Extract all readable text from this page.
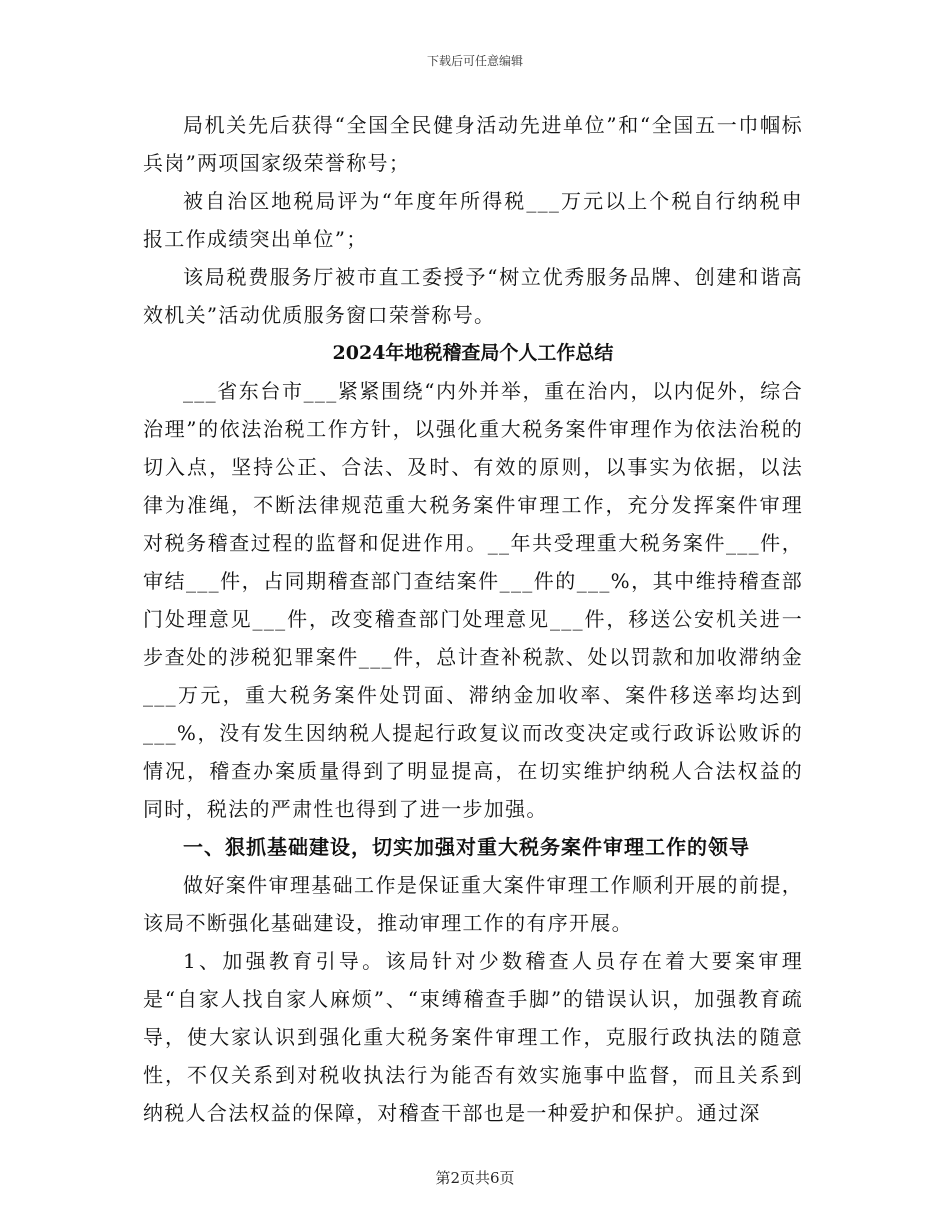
下载后可任意编辑

局机关先后获得“全国全民健身活动先进单位”和“全国五一巾帼标兵岗”两项国家级荣誉称号；

被自治区地税局评为“年度年所得税___万元以上个税自行纳税申报工作成绩突出单位”；

该局税费服务厅被市直工委授予“树立优秀服务品牌、创建和谐高效机关”活动优质服务窗口荣誉称号。

2024年地税稽查局个人工作总结

___省东台市___紧紧围绕“内外并举，重在治内，以内促外，综合治理”的依法治税工作方针，以强化重大税务案件审理作为依法治税的切入点，坚持公正、合法、及时、有效的原则，以事实为依据，以法律为准绳，不断法律规范重大税务案件审理工作，充分发挥案件审理对税务稽查过程的监督和促进作用。__年共受理重大税务案件___件，审结___件，占同期稽查部门查结案件___件的___%，其中维持稽查部门处理意见___件，改变稽查部门处理意见___件，移送公安机关进一步查处的涉税犯罪案件___件，总计查补税款、处以罚款和加收滞纳金___万元，重大税务案件处罚面、滞纳金加收率、案件移送率均达到___%，没有发生因纳税人提起行政复议而改变决定或行政诉讼败诉的情况，稽查办案质量得到了明显提高，在切实维护纳税人合法权益的同时，税法的严肃性也得到了进一步加强。

一、狠抓基础建设，切实加强对重大税务案件审理工作的领导

做好案件审理基础工作是保证重大案件审理工作顺利开展的前提，该局不断强化基础建设，推动审理工作的有序开展。

1、加强教育引导。该局针对少数稽查人员存在着大要案审理是“自家人找自家人麻烦”、“束缚稽查手脚”的错误认识，加强教育疏导，使大家认识到强化重大税务案件审理工作，克服行政执法的随意性，不仅关系到对税收执法行为能否有效实施事中监督，而且关系到纳税人合法权益的保障，对稽查干部也是一种爱护和保护。通过深

第2页共6页
